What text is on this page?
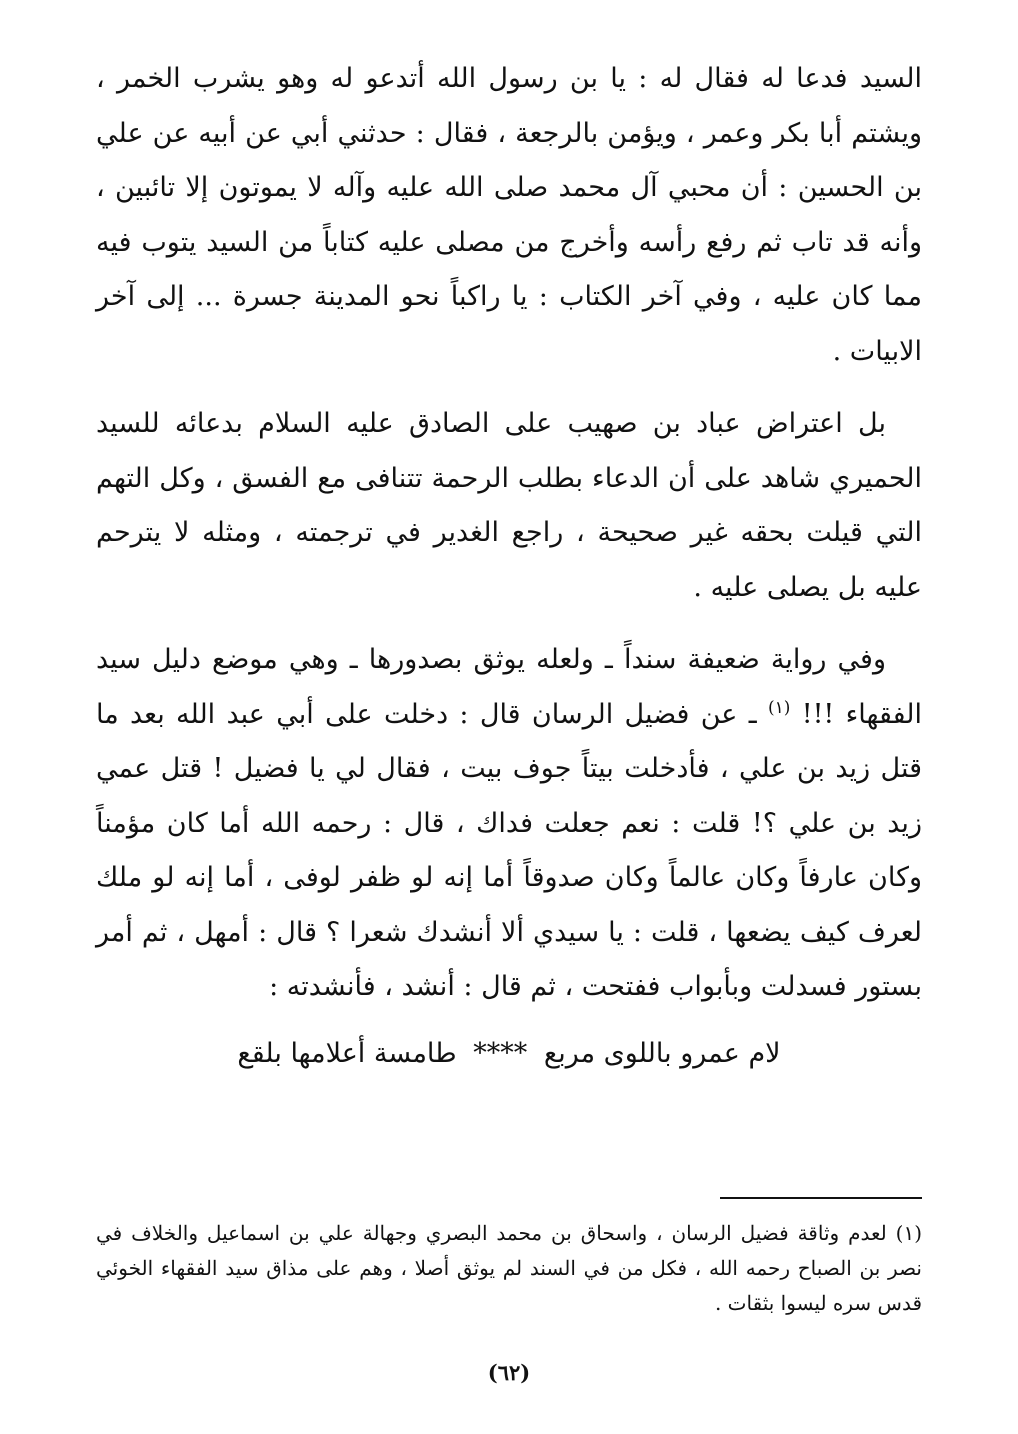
السيد فدعا له فقال له : يا بن رسول الله أتدعو له وهو يشرب الخمر ، ويشتم أبا بكر وعمر ، ويؤمن بالرجعة ، فقال : حدثني أبي عن أبيه عن علي بن الحسين : أن محبي آل محمد صلى الله عليه وآله لا يموتون إلا تائبين ، وأنه قد تاب ثم رفع رأسه وأخرج من مصلى عليه كتاباً من السيد يتوب فيه مما كان عليه ، وفي آخر الكتاب : يا راكباً نحو المدينة جسرة ... إلى آخر الابيات .

بل اعتراض عباد بن صهيب على الصادق عليه السلام بدعائه للسيد الحميري شاهد على أن الدعاء بطلب الرحمة تتنافى مع الفسق ، وكل التهم التي قيلت بحقه غير صحيحة ، راجع الغدير في ترجمته ، ومثله لا يترحم عليه بل يصلى عليه .

وفي رواية ضعيفة سنداً ـ ولعله يوثق بصدورها ـ وهي موضع دليل سيد الفقهاء !!! $^{(١)}$ ـ عن فضيل الرسان قال : دخلت على أبي عبد الله بعد ما قتل زيد بن علي ، فأدخلت بيتاً جوف بيت ، فقال لي يا فضيل ! قتل عمي زيد بن علي ؟! قلت : نعم جعلت فداك ، قال : رحمه الله أما كان مؤمناً وكان عارفاً وكان عالماً وكان صدوقاً أما إنه لو ظفر لوفى ، أما إنه لو ملك لعرف كيف يضعها ، قلت : يا سيدي ألا أنشدك شعرا ؟ قال : أمهل ، ثم أمر بستور فسدلت وبأبواب ففتحت ، ثم قال : أنشد ، فأنشدته :

لام عمرو باللوى مربع **** طامسة أعلامها بلقع
(١) لعدم وثاقة فضيل الرسان ، واسحاق بن محمد البصري وجهالة علي بن اسماعيل والخلاف في نصر بن الصباح رحمه الله ، فكل من في السند لم يوثق أصلا ، وهم على مذاق سيد الفقهاء الخوئي قدس سره ليسوا بثقات .
(٦٢)
